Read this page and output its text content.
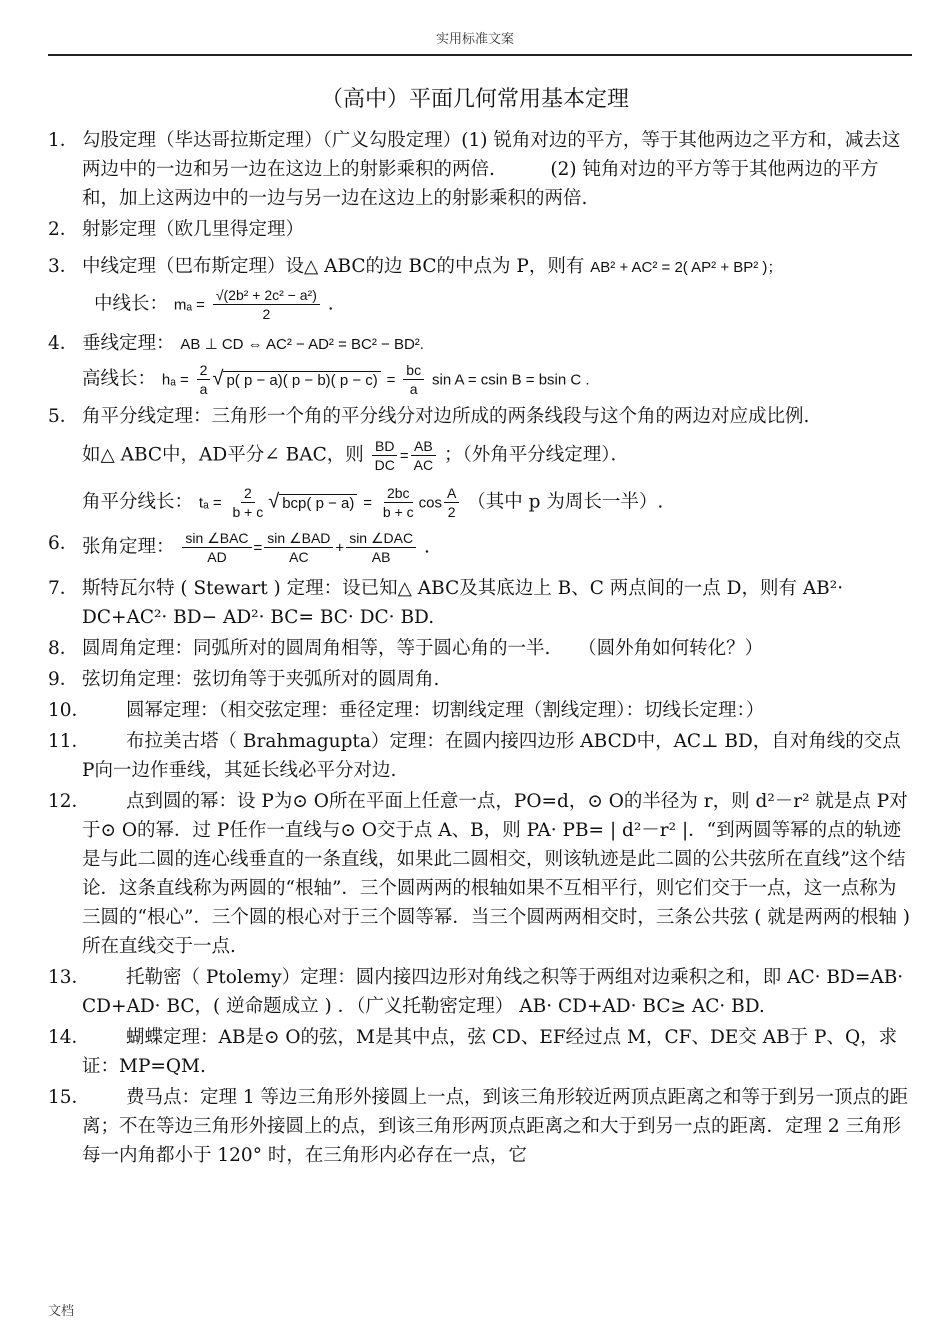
实用标准文案
（高中）平面几何常用基本定理
1． 勾股定理（毕达哥拉斯定理）（广义勾股定理）(1) 锐角对边的平方，等于其他两边之平方和，减去这两边中的一边和另一边在这边上的射影乘积的两倍.　　　(2) 钝角对边的平方等于其他两边的平方和，加上这两边中的一边与另一边在这边上的射影乘积的两倍.
2． 射影定理（欧几里得定理）
3． 中线定理（巴布斯定理）设△ ABC的边 BC的中点为 P，则有 AB² + AC² = 2( AP² + BP² )；
中线长： $m_a = \frac{\text{√(2b² + 2c² − a²)}}{2}$ .
4． 垂线定理： AB ⊥ CD ⇔ AC² − AD² = BC² − BD².
高线长： $h_a = \frac{2}{a}$ √ p( p − a)( p − b)( $p - c) = \frac{bc}{a}$ sin A = csin B = bsin C .
5． 角平分线定理：三角形一个角的平分线分对边所成的两条线段与这个角的两边对应成比例.
如△ ABC中，AD平分∠ BAC，则 $\frac{BD}{DC} = \frac{AB}{AC}$ ；（外角平分线定理）．
角平分线长： $t_a = \frac{2}{b + c}$ √ bcp( $p - a) = \frac{2bc}{b + c}$ $\cos \frac{A}{2}$ （其中 p 为周长一半）.
6． 张角定理： $\frac{\text{sin ∠BAC}}{AD} = \frac{\text{sin ∠BAD}}{AC} + \frac{\text{sin ∠DAC}}{AB}$ .
7． 斯特瓦尔特 ( Stewart ) 定理：设已知△ ABC及其底边上 B、C 两点间的一点 D，则有 AB²· DC+AC²· BD− AD²· BC= BC· DC· BD.
8． 圆周角定理：同弧所对的圆周角相等，等于圆心角的一半.　　（圆外角如何转化？）
9． 弦切角定理：弦切角等于夹弧所对的圆周角.
10． 圆幂定理：（相交弦定理：垂径定理：切割线定理（割线定理）：切线长定理：）
11． 布拉美古塔（ Brahmagupta）定理：在圆内接四边形 ABCD中，AC⊥ BD，自对角线的交点 P向一边作垂线，其延长线必平分对边.
12． 点到圆的幂：设 P为⊙ O所在平面上任意一点，PO=d，⊙ O的半径为 r，则 d²－r² 就是点 P对于⊙ O的幂．过 P任作一直线与⊙ O交于点 A、B，则 PA· PB= | d²－r² |．“到两圆等幂的点的轨迹是与此二圆的连心线垂直的一条直线，如果此二圆相交，则该轨迹是此二圆的公共弦所在直线”这个结论．这条直线称为两圆的“根轴”．三个圆两两的根轴如果不互相平行，则它们交于一点，这一点称为三圆的“根心”．三个圆的根心对于三个圆等幂．当三个圆两两相交时，三条公共弦 ( 就是两两的根轴 ) 所在直线交于一点.
13． 托勒密（ Ptolemy）定理：圆内接四边形对角线之积等于两组对边乘积之和，即 AC· BD=AB· CD+AD· BC，( 逆命题成立 ) ．（广义托勒密定理） AB· CD+AD· BC≥ AC· BD.
14． 蝴蝶定理：AB是⊙ O的弦，M是其中点，弦 CD、EF经过点 M，CF、DE交 AB于 P、Q，求证：MP=QM.
15． 费马点：定理 1 等边三角形外接圆上一点，到该三角形较近两顶点距离之和等于到另一顶点的距离；不在等边三角形外接圆上的点，到该三角形两顶点距离之和大于到另一点的距离．定理 2 三角形每一内角都小于 120° 时，在三角形内必存在一点，它
文档
